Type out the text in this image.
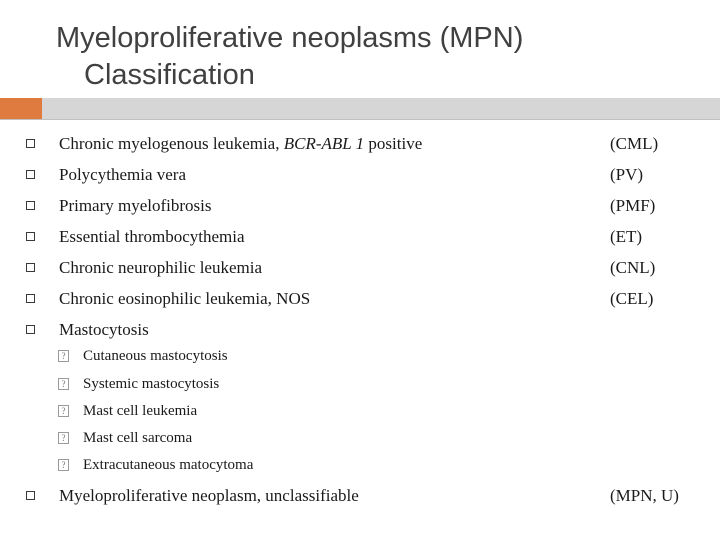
Myeloproliferative neoplasms (MPN)
Classification
Chronic myelogenous leukemia, BCR-ABL 1 positive	(CML)
Polycythemia vera	(PV)
Primary myelofibrosis	(PMF)
Essential thrombocythemia	(ET)
Chronic neurophilic leukemia	(CNL)
Chronic eosinophilic leukemia, NOS	(CEL)
Mastocytosis
? Cutaneous mastocytosis
? Systemic mastocytosis
? Mast cell leukemia
? Mast cell sarcoma
? Extracutaneous matocytoma
Myeloproliferative neoplasm, unclassifiable	(MPN, U)
